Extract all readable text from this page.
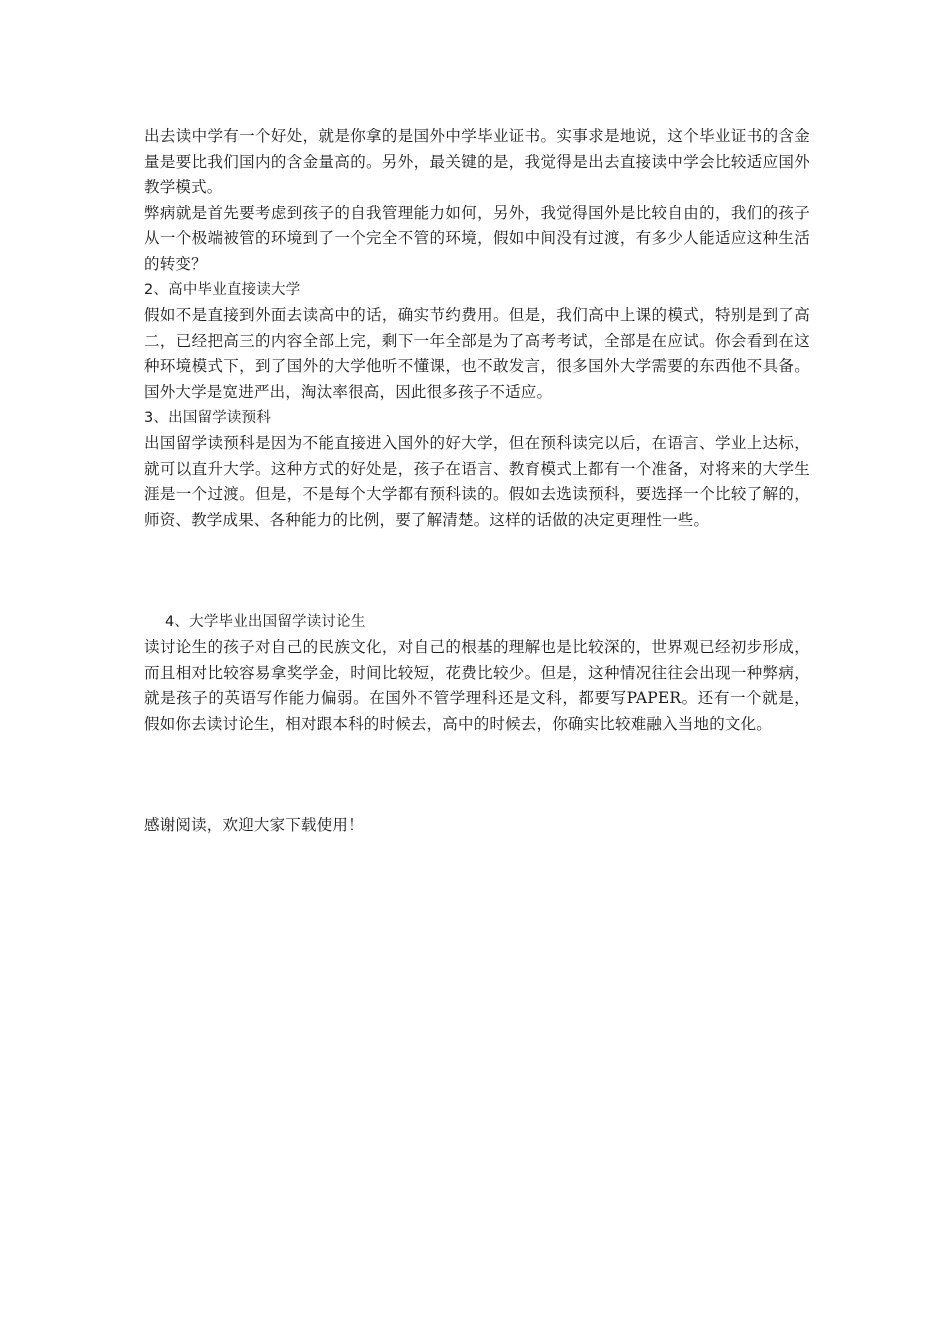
出去读中学有一个好处，就是你拿的是国外中学毕业证书。实事求是地说，这个毕业证书的含金量是要比我们国内的含金量高的。另外，最关键的是，我觉得是出去直接读中学会比较适应国外教学模式。

弊病就是首先要考虑到孩子的自我管理能力如何，另外，我觉得国外是比较自由的，我们的孩子从一个极端被管的环境到了一个完全不管的环境，假如中间没有过渡，有多少人能适应这种生活的转变？

2、高中毕业直接读大学

假如不是直接到外面去读高中的话，确实节约费用。但是，我们高中上课的模式，特别是到了高二，已经把高三的内容全部上完，剩下一年全部是为了高考考试，全部是在应试。你会看到在这种环境模式下，到了国外的大学他听不懂课，也不敢发言，很多国外大学需要的东西他不具备。国外大学是宽进严出，淘汰率很高，因此很多孩子不适应。

3、出国留学读预科

出国留学读预科是因为不能直接进入国外的好大学，但在预科读完以后，在语言、学业上达标，就可以直升大学。这种方式的好处是，孩子在语言、教育模式上都有一个准备，对将来的大学生涯是一个过渡。但是，不是每个大学都有预科读的。假如去选读预科，要选择一个比较了解的，师资、教学成果、各种能力的比例，要了解清楚。这样的话做的决定更理性一些。

4、大学毕业出国留学读讨论生

读讨论生的孩子对自己的民族文化，对自己的根基的理解也是比较深的，世界观已经初步形成，而且相对比较容易拿奖学金，时间比较短，花费比较少。但是，这种情况往往会出现一种弊病，就是孩子的英语写作能力偏弱。在国外不管学理科还是文科，都要写PAPER。还有一个就是，假如你去读讨论生，相对跟本科的时候去，高中的时候去，你确实比较难融入当地的文化。

感谢阅读，欢迎大家下载使用！
